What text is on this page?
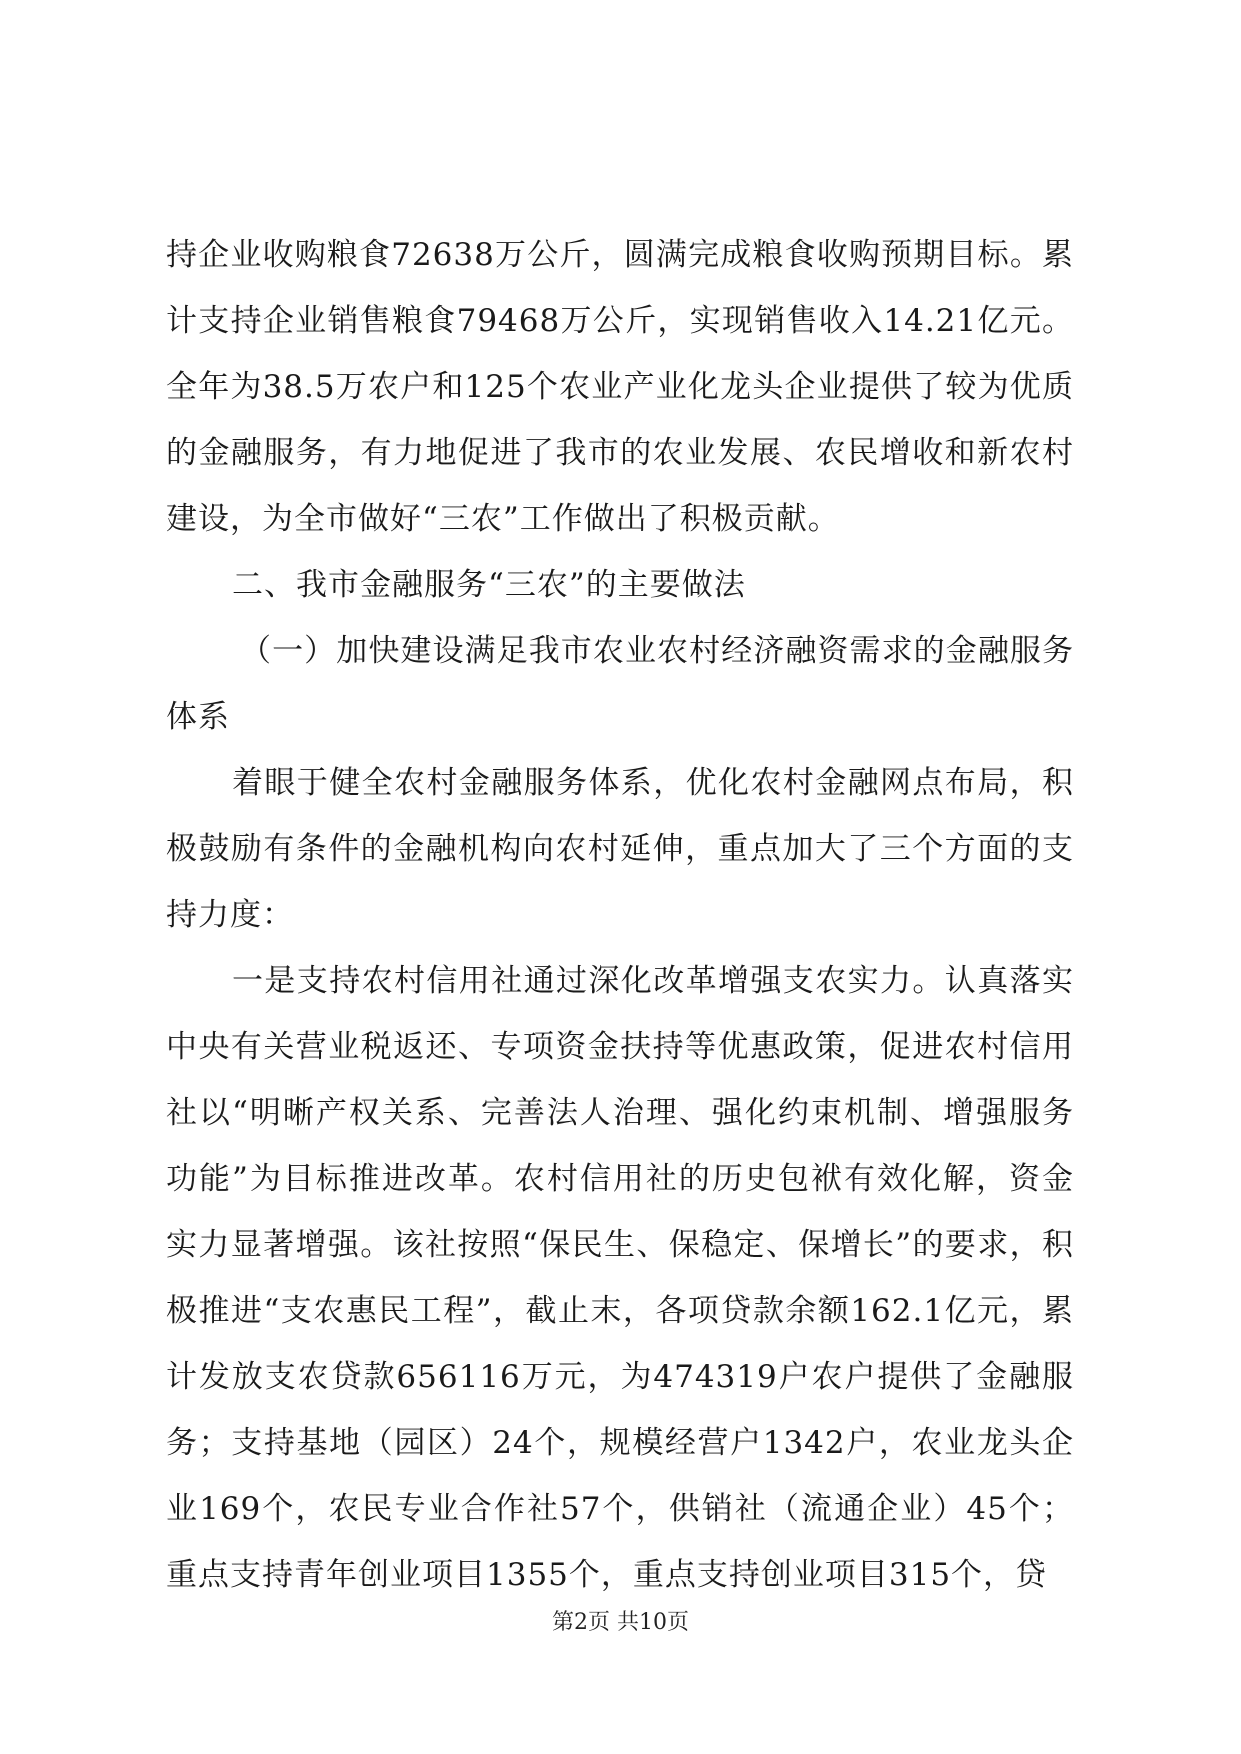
持企业收购粮食72638万公斤，圆满完成粮食收购预期目标。累计支持企业销售粮食79468万公斤，实现销售收入14.21亿元。全年为38.5万农户和125个农业产业化龙头企业提供了较为优质的金融服务，有力地促进了我市的农业发展、农民增收和新农村建设，为全市做好“三农”工作做出了积极贡献。

二、我市金融服务“三农”的主要做法

（一）加快建设满足我市农业农村经济融资需求的金融服务体系

着眼于健全农村金融服务体系，优化农村金融网点布局，积极鼓励有条件的金融机构向农村延伸，重点加大了三个方面的支持力度：

一是支持农村信用社通过深化改革增强支农实力。认真落实中央有关营业税返还、专项资金扶持等优惠政策，促进农村信用社以“明晰产权关系、完善法人治理、强化约束机制、增强服务功能”为目标推进改革。农村信用社的历史包袱有效化解，资金实力显著增强。该社按照“保民生、保稳定、保增长”的要求，积极推进“支农惠民工程”，截止末，各项贷款余额162.1亿元，累计发放支农贷款656116万元，为474319户农户提供了金融服务；支持基地（园区）24个，规模经营户1342户，农业龙头企业169个，农民专业合作社57个，供销社（流通企业）45个；重点支持青年创业项目1355个，重点支持创业项目315个，贷

第2页 共10页
